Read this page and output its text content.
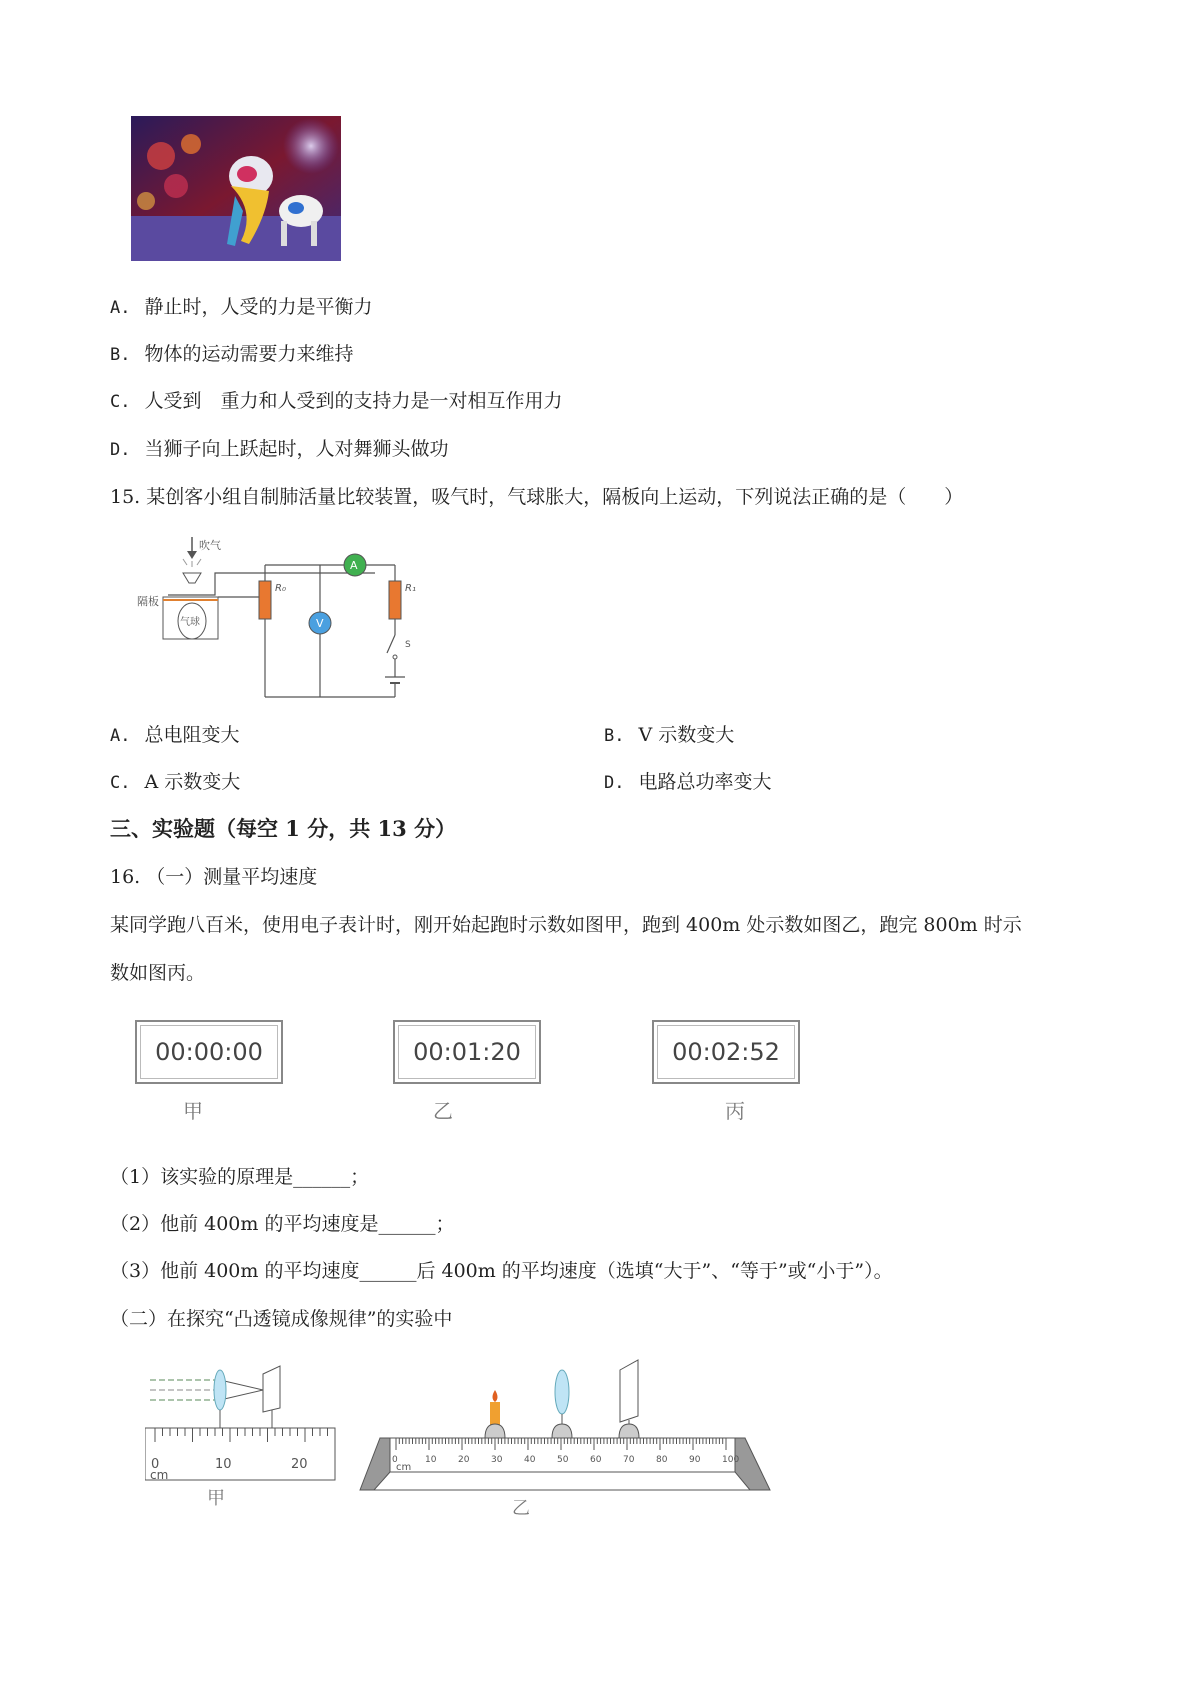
A. 静止时，人受的力是平衡力
B. 物体的运动需要力来维持
C. 人受到　重力和人受到的支持力是一对相互作用力
D. 当狮子向上跃起时，人对舞狮头做功
15. 某创客小组自制肺活量比较装置，吸气时，气球胀大，隔板向上运动，下列说法正确的是（　　）
吹气
隔板
气球
R₀
V
A
R₁
S
A. 总电阻变大	B. V 示数变大
C. A 示数变大	D. 电路总功率变大
三、实验题（每空 1 分，共 13 分）
16. （一）测量平均速度
某同学跑八百米，使用电子表计时，刚开始起跑时示数如图甲，跑到 400m 处示数如图乙，跑完 800m 时示
数如图丙。
00:00:00
甲
00:01:20
乙
00:02:52
丙
（1）该实验的原理是______；
（2）他前 400m 的平均速度是______；
（3）他前 400m 的平均速度______后 400m 的平均速度（选填“大于”、“等于”或“小于”）。
（二）在探究“凸透镜成像规律”的实验中
0
cm
10	20
甲
0	10 20 30 40 50 60 70 80 90 100
cm
乙
